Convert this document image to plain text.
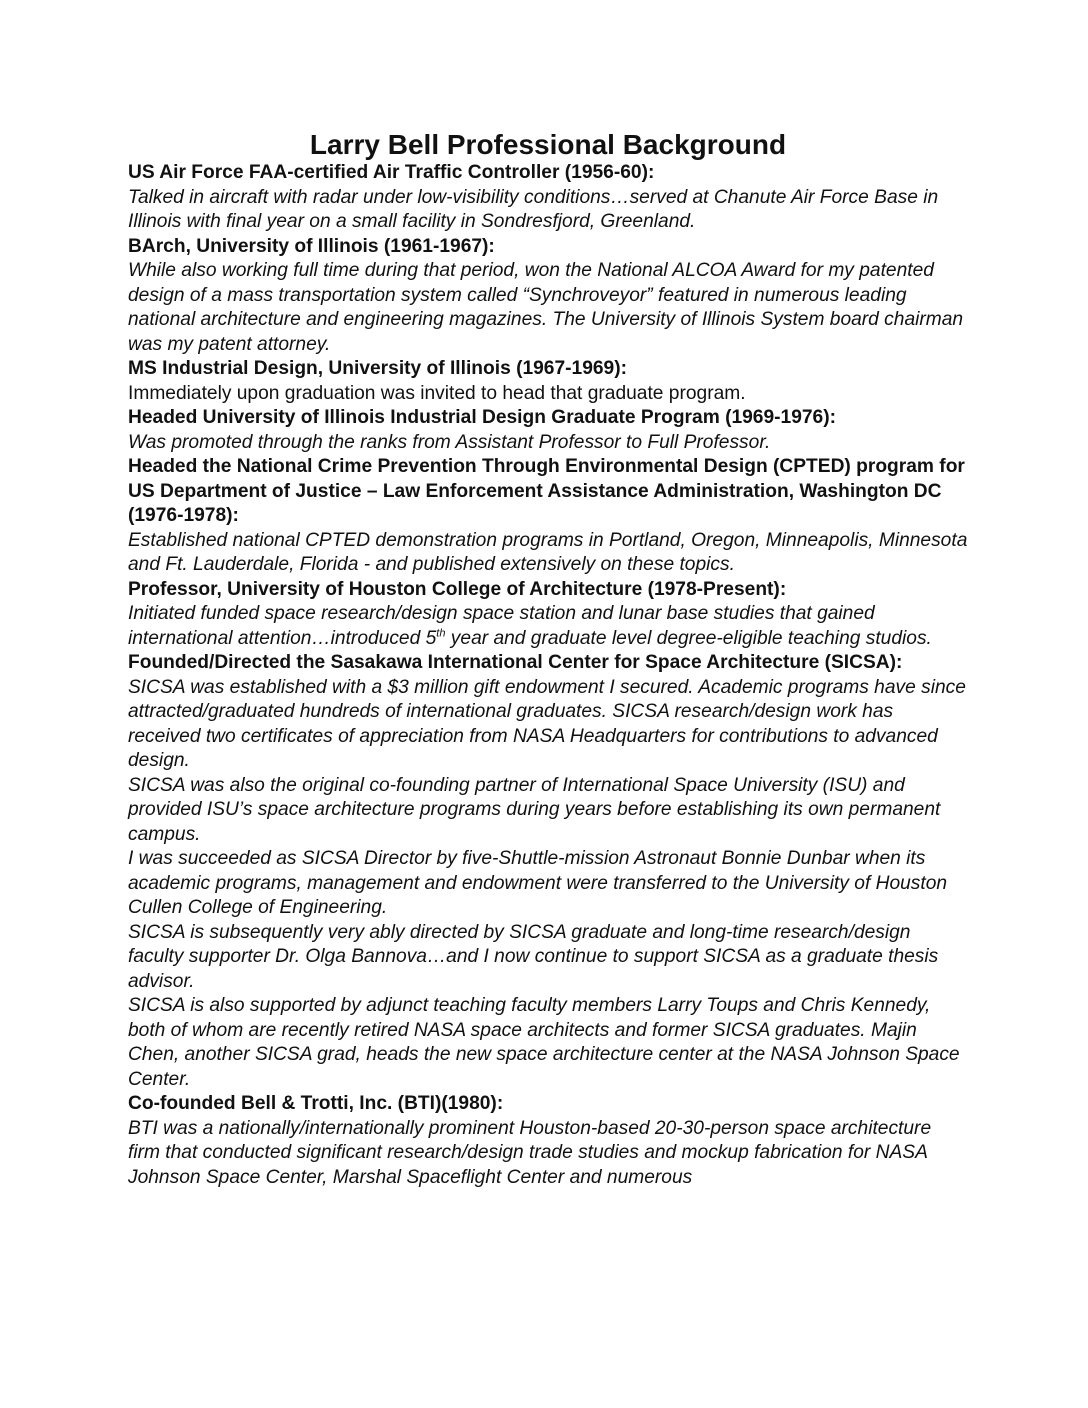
Larry Bell Professional Background

US Air Force FAA-certified Air Traffic Controller (1956-60):

Talked in aircraft with radar under low-visibility conditions…served at Chanute Air Force Base in Illinois with final year on a small facility in Sondresfjord, Greenland.

BArch, University of Illinois (1961-1967):

While also working full time during that period, won the National ALCOA Award for my patented design of a mass transportation system called “Synchroveyor” featured in numerous leading national architecture and engineering magazines. The University of Illinois System board chairman was my patent attorney.

MS Industrial Design, University of Illinois (1967-1969):

Immediately upon graduation was invited to head that graduate program.

Headed University of Illinois Industrial Design Graduate Program (1969-1976):

Was promoted through the ranks from Assistant Professor to Full Professor.

Headed the National Crime Prevention Through Environmental Design (CPTED) program for US Department of Justice – Law Enforcement Assistance Administration, Washington DC (1976-1978):

Established national CPTED demonstration programs in Portland, Oregon, Minneapolis, Minnesota and Ft. Lauderdale, Florida - and published extensively on these topics.

Professor, University of Houston College of Architecture (1978-Present):

Initiated funded space research/design space station and lunar base studies that gained international attention…introduced 5th year and graduate level degree-eligible teaching studios.

Founded/Directed the Sasakawa International Center for Space Architecture (SICSA):

SICSA was established with a $3 million gift endowment I secured. Academic programs have since attracted/graduated hundreds of international graduates. SICSA research/design work has received two certificates of appreciation from NASA Headquarters for contributions to advanced design.

SICSA was also the original co-founding partner of International Space University (ISU) and provided ISU’s space architecture programs during years before establishing its own permanent campus.

I was succeeded as SICSA Director by five-Shuttle-mission Astronaut Bonnie Dunbar when its academic programs, management and endowment were transferred to the University of Houston Cullen College of Engineering.

SICSA is subsequently very ably directed by SICSA graduate and long-time research/design faculty supporter Dr. Olga Bannova…and I now continue to support SICSA as a graduate thesis advisor.

SICSA is also supported by adjunct teaching faculty members Larry Toups and Chris Kennedy, both of whom are recently retired NASA space architects and former SICSA graduates. Majin Chen, another SICSA grad, heads the new space architecture center at the NASA Johnson Space Center.

Co-founded Bell & Trotti, Inc. (BTI)(1980):

BTI was a nationally/internationally prominent Houston-based 20-30-person space architecture firm that conducted significant research/design trade studies and mockup fabrication for NASA Johnson Space Center, Marshal Spaceflight Center and numerous
